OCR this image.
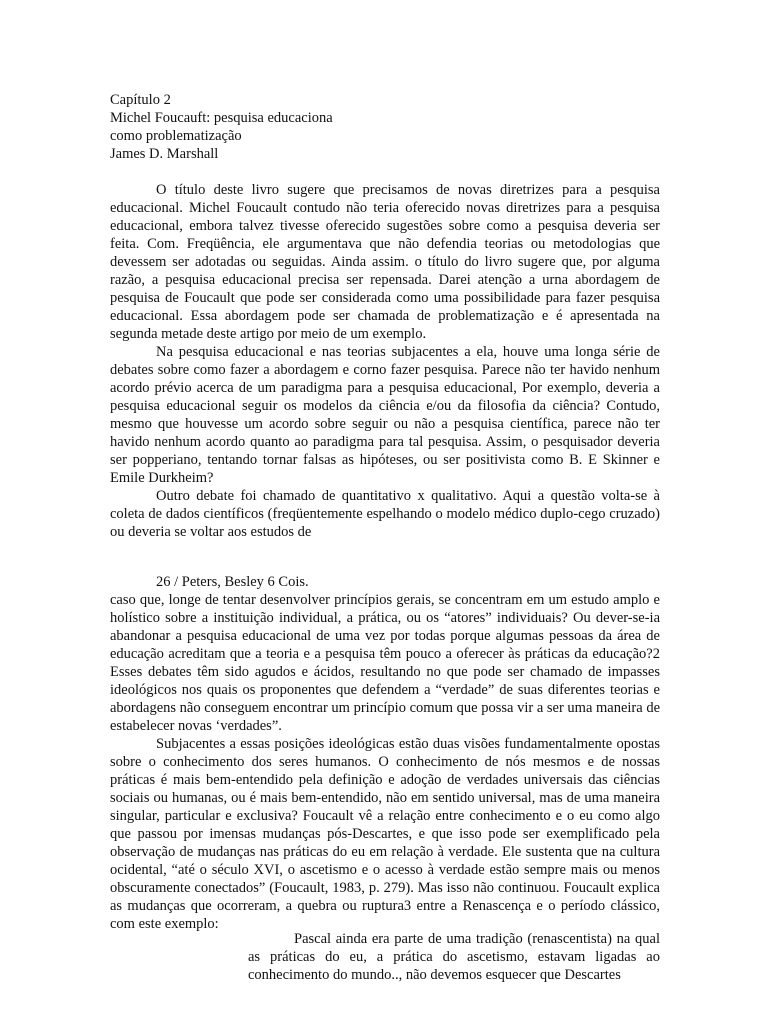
Capítulo 2
Michel Foucauft: pesquisa educaciona
como problematização
James D. Marshall

O título deste livro sugere que precisamos de novas diretrizes para a pesquisa educacional. Michel Foucault contudo não teria oferecido novas diretrizes para a pesquisa educacional, embora talvez tivesse oferecido sugestões sobre como a pesquisa deveria ser feita. Com. Freqüência, ele argumentava que não defendia teorias ou metodologias que devessem ser adotadas ou seguidas. Ainda assim. o título do livro sugere que, por alguma razão, a pesquisa educacional precisa ser repensada. Darei atenção a urna abordagem de pesquisa de Foucault que pode ser considerada como uma possibilidade para fazer pesquisa educacional. Essa abordagem pode ser chamada de problematização e é apresentada na segunda metade deste artigo por meio de um exemplo.

Na pesquisa educacional e nas teorias subjacentes a ela, houve uma longa série de debates sobre como fazer a abordagem e corno fazer pesquisa. Parece não ter havido nenhum acordo prévio acerca de um paradigma para a pesquisa educacional, Por exemplo, deveria a pesquisa educacional seguir os modelos da ciência e/ou da filosofia da ciência? Contudo, mesmo que houvesse um acordo sobre seguir ou não a pesquisa científica, parece não ter havido nenhum acordo quanto ao paradigma para tal pesquisa. Assim, o pesquisador deveria ser popperiano, tentando tornar falsas as hipóteses, ou ser positivista como B. E Skinner e Emile Durkheim?

Outro debate foi chamado de quantitativo x qualitativo. Aqui a questão volta-se à coleta de dados científicos (freqüentemente espelhando o modelo médico duplo-cego cruzado) ou deveria se voltar aos estudos de

26 / Peters, Besley 6 Cois.

caso que, longe de tentar desenvolver princípios gerais, se concentram em um estudo amplo e holístico sobre a instituição individual, a prática, ou os “atores” individuais? Ou dever-se-ia abandonar a pesquisa educacional de uma vez por todas porque algumas pessoas da área de educação acreditam que a teoria e a pesquisa têm pouco a oferecer às práticas da educação?2 Esses debates têm sido agudos e ácidos, resultando no que pode ser chamado de impasses ideológicos nos quais os proponentes que defendem a “verdade” de suas diferentes teorias e abordagens não conseguem encontrar um princípio comum que possa vir a ser uma maneira de estabelecer novas ‘verdades”.

Subjacentes a essas posições ideológicas estão duas visões fundamentalmente opostas sobre o conhecimento dos seres humanos. O conhecimento de nós mesmos e de nossas práticas é mais bem-entendido pela definição e adoção de verdades universais das ciências sociais ou humanas, ou é mais bem-entendido, não em sentido universal, mas de uma maneira singular, particular e exclusiva? Foucault vê a relação entre conhecimento e o eu como algo que passou por imensas mudanças pós-Descartes, e que isso pode ser exemplificado pela observação de mudanças nas práticas do eu em relação à verdade. Ele sustenta que na cultura ocidental, “até o século XVI, o ascetismo e o acesso à verdade estão sempre mais ou menos obscuramente conectados” (Foucault, 1983, p. 279). Mas isso não continuou. Foucault explica as mudanças que ocorreram, a quebra ou ruptura3 entre a Renascença e o período clássico, com este exemplo:

Pascal ainda era parte de uma tradição (renascentista) na qual as práticas do eu, a prática do ascetismo, estavam ligadas ao conhecimento do mundo.., não devemos esquecer que Descartes
